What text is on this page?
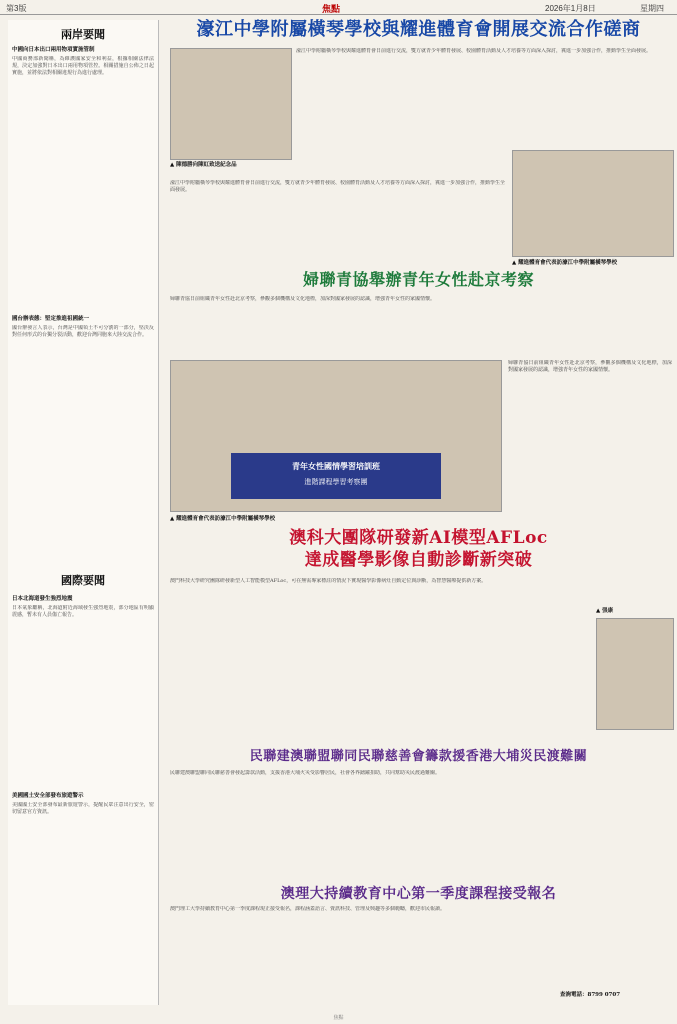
第3版	焦點	2026年1月8日	星期四
兩岸要聞
中國向日本出口兩用物項實施管制
中國商務部新聞稱，為維護國家安全和利益，根據相關法律法規，決定加強對日本出口兩用物項管控。相關措施自公佈之日起實施，並將依法對相關違規行為進行處理。
國台辦表態：堅定推進祖國統一
國台辦發言人表示，台灣是中國領土不可分割的一部分，堅決反對任何形式的台獨分裂活動，歡迎台灣同胞來大陸交流合作。
國際要聞
日本北海道發生強烈地震
日本氣象廳稱，北海道附近海域發生強烈地震，部分地區有明顯震感，暫未有人員傷亡報告。
美國國土安全部發布旅遊警示
美國國土安全部發布最新旅遊警示，提醒民眾注意出行安全，密切留意官方資訊。
濠江中學附屬橫琴學校與耀進體育會開展交流合作磋商
▲ 陳德勝向陳紅致送紀念品
濠江中學附屬橫琴學校與耀進體育會日前進行交流，雙方就青少年體育發展、校園體育活動及人才培養等方面深入探討，冀進一步加強合作，推動學生全面發展。
▲ 耀進體育會代表訪濠江中學附屬橫琴學校
濠江中學附屬橫琴學校與耀進體育會日前進行交流，雙方就青少年體育發展、校園體育活動及人才培養等方面深入探討，冀進一步加強合作，推動學生全面發展。
婦聯青協舉辦青年女性赴京考察
婦聯青協日前組織青年女性赴北京考察，參觀多個機構及文化地標，加深對國家發展的認識，增強青年女性的家國情懷。
青年女性國情學習培訓班
進階課程學習考察團
▲ 耀進體育會代表訪濠江中學附屬橫琴學校
婦聯青協日前組織青年女性赴北京考察，參觀多個機構及文化地標，加深對國家發展的認識，增強青年女性的家國情懷。
澳科大團隊研發新AI模型AFLoc
達成醫學影像自動診斷新突破
澳門科技大學研究團隊研發新型人工智能模型AFLoc，可在無需專家標註的情況下實現醫學影像病灶自動定位與診斷，為智慧醫療提供新方案。
▲ 張康
民聯建澳聯盟聯同民聯慈善會籌款援香港大埔災民渡難關
民聯建澳聯盟聯同民聯慈善會發起籌款活動，支援香港大埔火災受影響居民，社會各界踴躍捐助，共同幫助災民渡過難關。
澳理大持續教育中心第一季度課程接受報名
澳門理工大學持續教育中心第一季度課程現正接受報名，課程涵蓋語言、資訊科技、管理及興趣等多個範疇，歡迎市民報讀。
查詢電話：8799 0707
焦點
